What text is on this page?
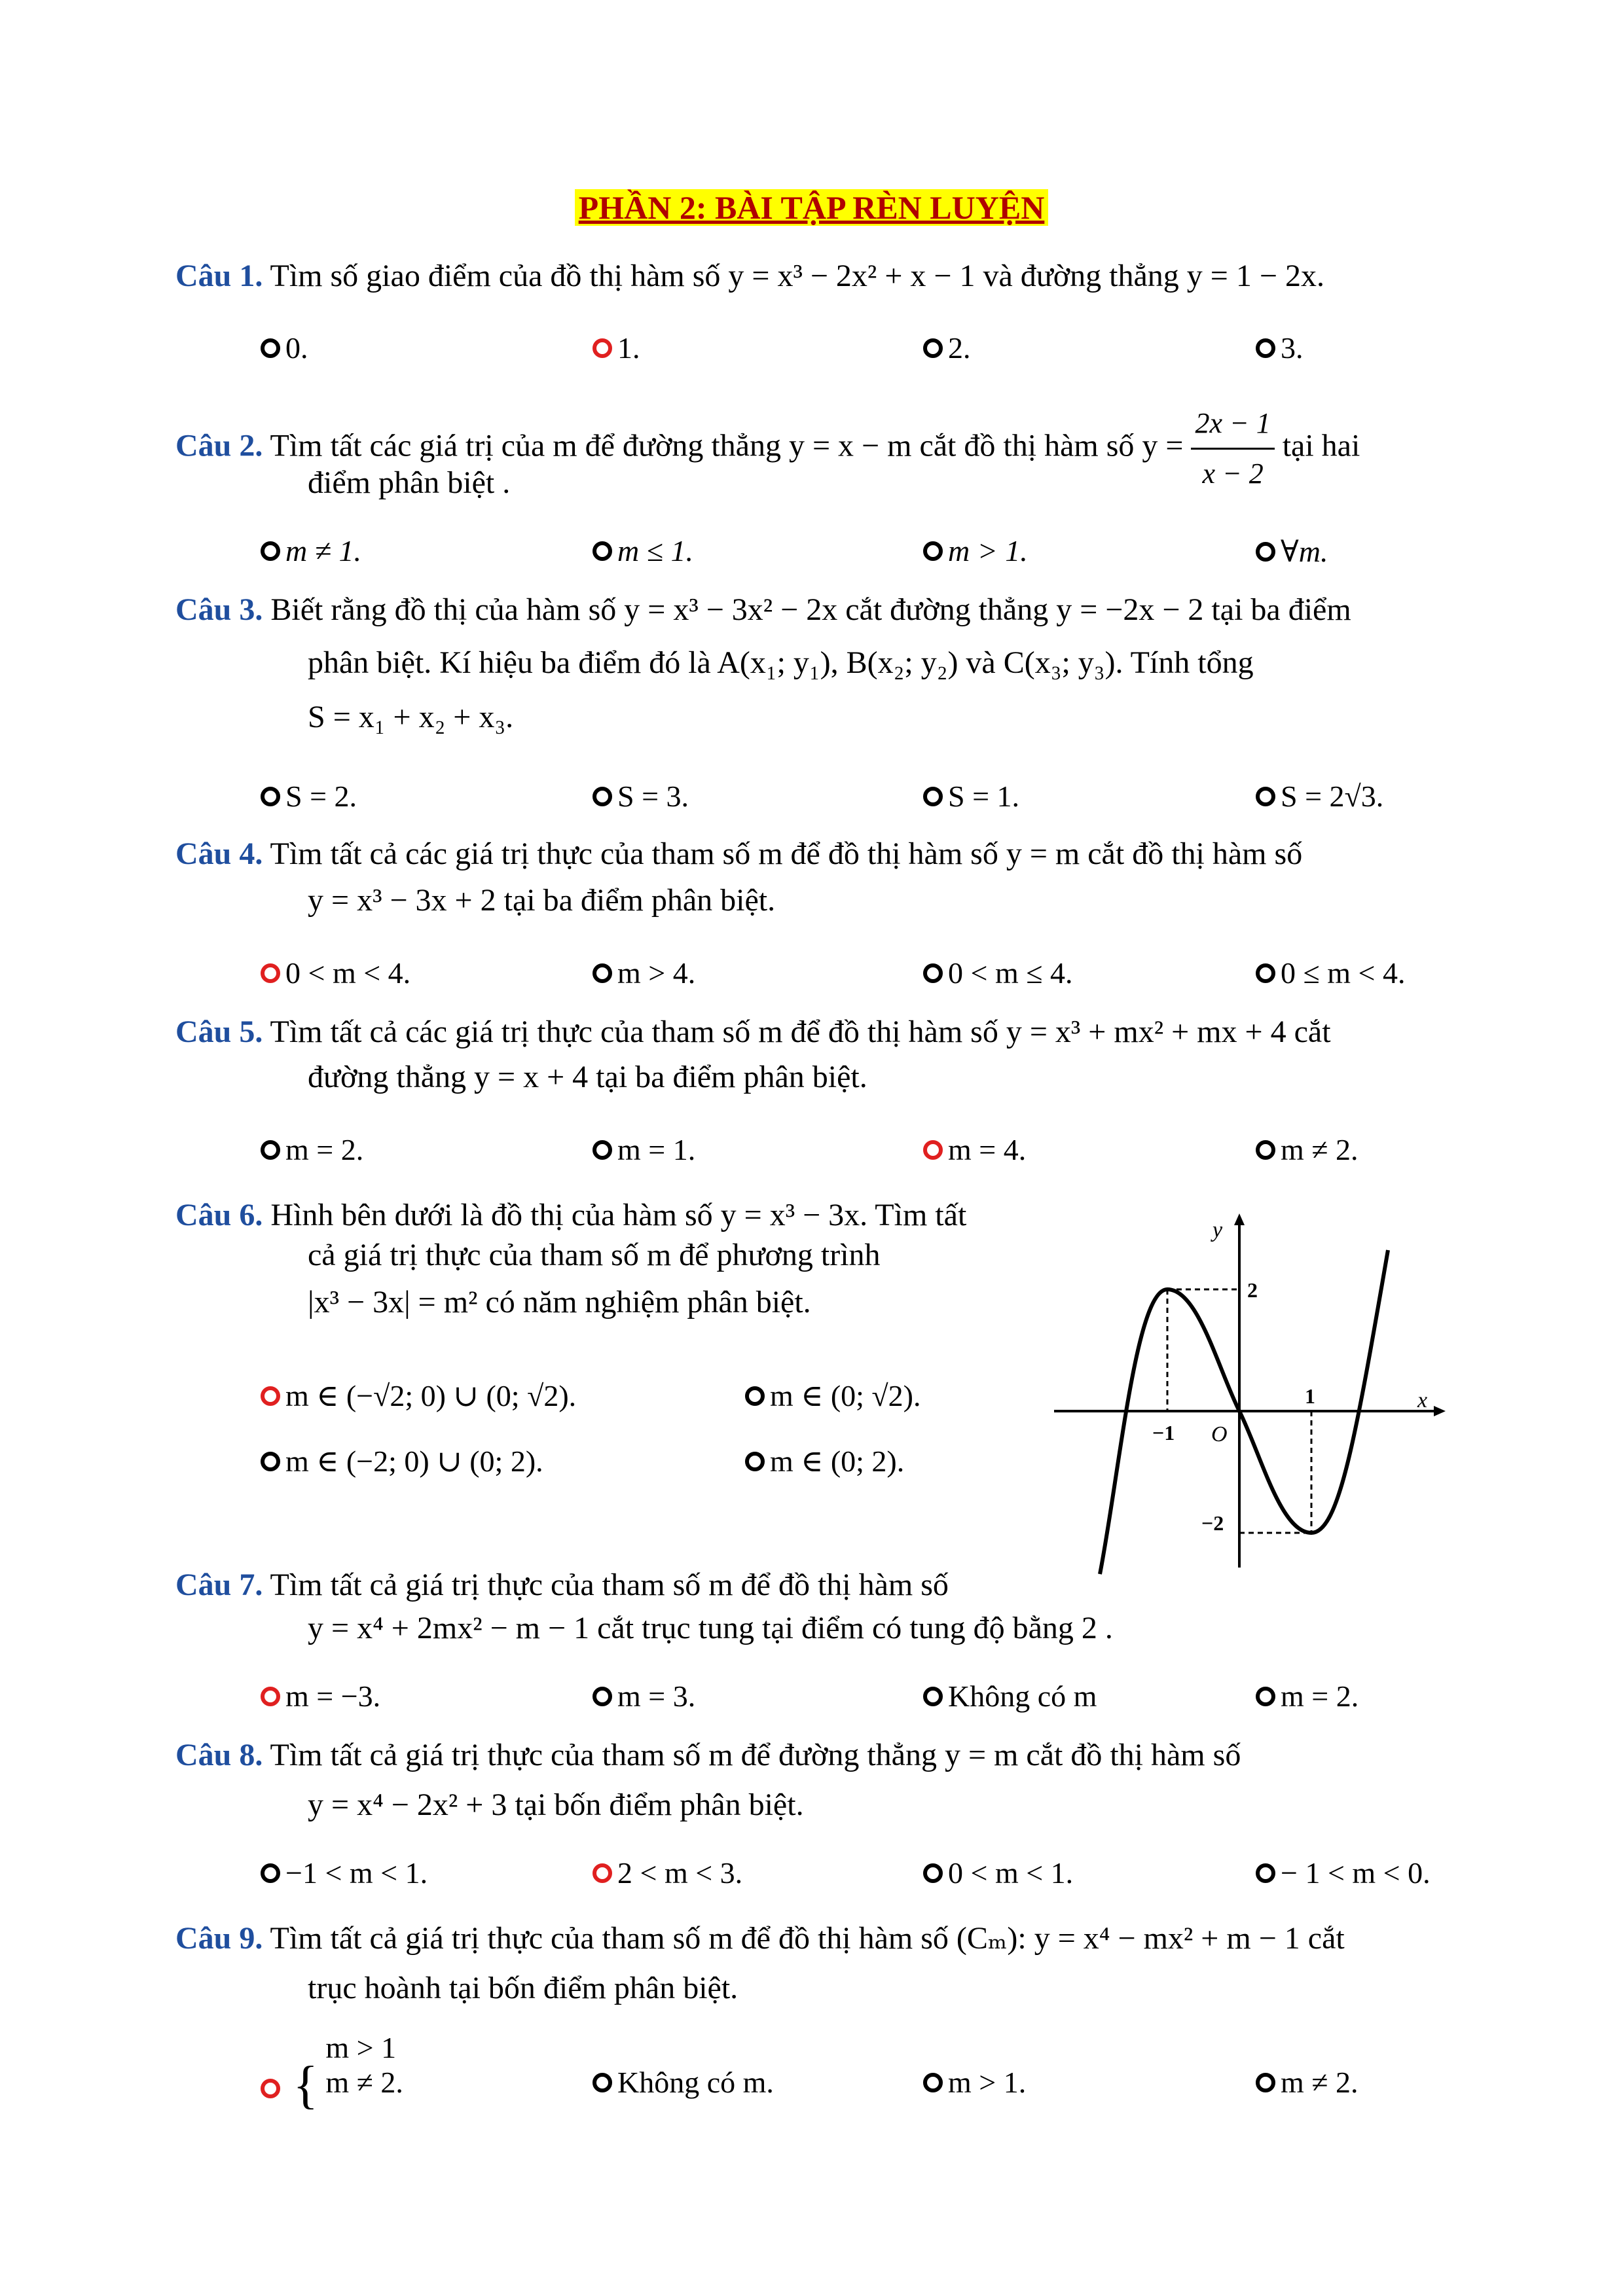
PHẦN 2: BÀI TẬP RÈN LUYỆN
Câu 1. Tìm số giao điểm của đồ thị hàm số y = x³ − 2x² + x − 1 và đường thẳng y = 1 − 2x.
0.	1.	2.	3.
Câu 2. Tìm tất các giá trị của m để đường thẳng y = x − m cắt đồ thị hàm số $y = \frac{2x - 1}{x - 2}$ tại hai
điểm phân biệt .
m ≠ 1.	m ≤ 1.	m > 1.	∀m.
Câu 3. Biết rằng đồ thị của hàm số y = x³ − 3x² − 2x cắt đường thẳng y = −2x − 2 tại ba điểm
phân biệt. Kí hiệu ba điểm đó là A(x₁; y₁), B(x₂; y₂) và C(x₃; y₃). Tính tổng
S = x₁ + x₂ + x₃.
S = 2.	S = 3.	S = 1.	S = 2√3.
Câu 4. Tìm tất cả các giá trị thực của tham số m để đồ thị hàm số y = m cắt đồ thị hàm số
y = x³ − 3x + 2 tại ba điểm phân biệt.
0 < m < 4.	m > 4.	0 < m ≤ 4.	0 ≤ m < 4.
Câu 5. Tìm tất cả các giá trị thực của tham số m để đồ thị hàm số y = x³ + mx² + mx + 4 cắt
đường thẳng y = x + 4 tại ba điểm phân biệt.
m = 2.	m = 1.	m = 4.	m ≠ 2.
Câu 6. Hình bên dưới là đồ thị của hàm số y = x³ − 3x. Tìm tất
cả giá trị thực của tham số m để phương trình
|x³ − 3x| = m² có năm nghiệm phân biệt.
m ∈ (−√2; 0) ∪ (0; √2).	m ∈ (0; √2).
m ∈ (−2; 0) ∪ (0; 2).	m ∈ (0; 2).
y
x
O
2
−2
−1
1
Câu 7. Tìm tất cả giá trị thực của tham số m để đồ thị hàm số
y = x⁴ + 2mx² − m − 1 cắt trục tung tại điểm có tung độ bằng 2 .
m = −3.	m = 3.	Không có m	m = 2.
Câu 8. Tìm tất cả giá trị thực của tham số m để đường thẳng y = m cắt đồ thị hàm số
y = x⁴ − 2x² + 3 tại bốn điểm phân biệt.
−1 < m < 1.	2 < m < 3.	0 < m < 1.	− 1 < m < 0.
Câu 9. Tìm tất cả giá trị thực của tham số m để đồ thị hàm số (Cₘ): y = x⁴ − mx² + m − 1 cắt
trục hoành tại bốn điểm phân biệt.
{
m > 1
m ≠ 2.	Không có m.	m > 1.	m ≠ 2.
